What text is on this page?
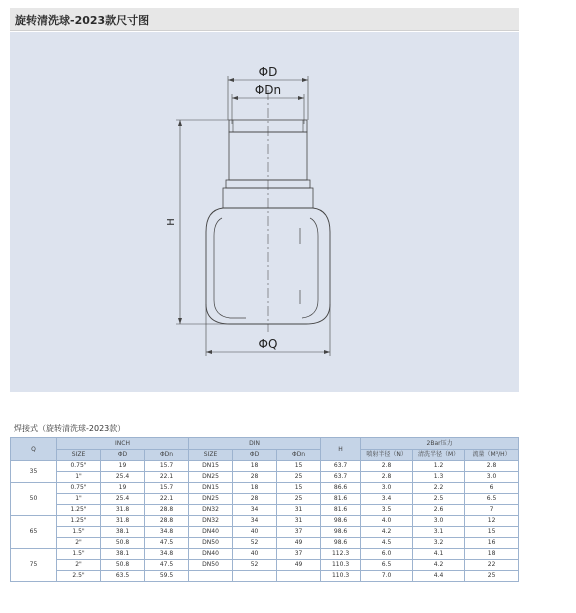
旋转清洗球-2023款尺寸图
ΦD
ΦDn
H
ΦQ
焊接式（旋转清洗球-2023款）
Q	INCH			DIN			H	2Bar压力		
	SIZE	ΦD	ΦDn	SIZE	ΦD	ΦDn		喷射半径（N）	清洗半径（M）	流量（M³/H）
35	0.75"	19	15.7	DN15	18	15	63.7	2.8	1.2	2.8
	1"	25.4	22.1	DN25	28	25	63.7	2.8	1.3	3.0
50	0.75"	19	15.7	DN15	18	15	86.6	3.0	2.2	6
	1"	25.4	22.1	DN25	28	25	81.6	3.4	2.5	6.5
	1.25"	31.8	28.8	DN32	34	31	81.6	3.5	2.6	7
65	1.25"	31.8	28.8	DN32	34	31	98.6	4.0	3.0	12
	1.5"	38.1	34.8	DN40	40	37	98.6	4.2	3.1	15
	2"	50.8	47.5	DN50	52	49	98.6	4.5	3.2	16
75	1.5"	38.1	34.8	DN40	40	37	112.3	6.0	4.1	18
	2"	50.8	47.5	DN50	52	49	110.3	6.5	4.2	22
	2.5"	63.5	59.5				110.3	7.0	4.4	25
